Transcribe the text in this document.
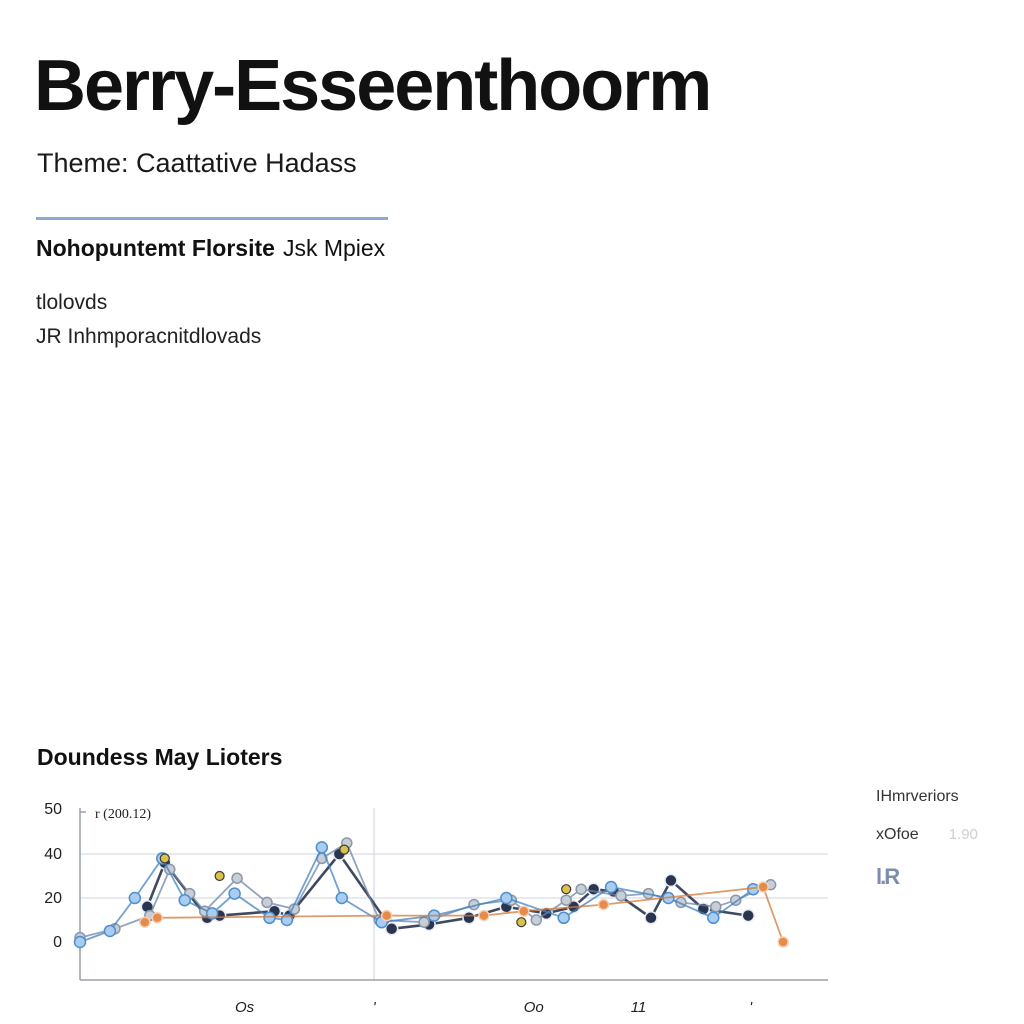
Berry-Esseenthoorm
Theme: Caattative Hadass
Nohopuntemt Florsite Jsk Mpiex
tlolovds
JR Inhmporacnitdlovads
Doundess May Lioters
0
20
40
50
Os	'	Oo	11	'
r (200.12)
IHmrveriors
xOfoe 1.90
l.R
